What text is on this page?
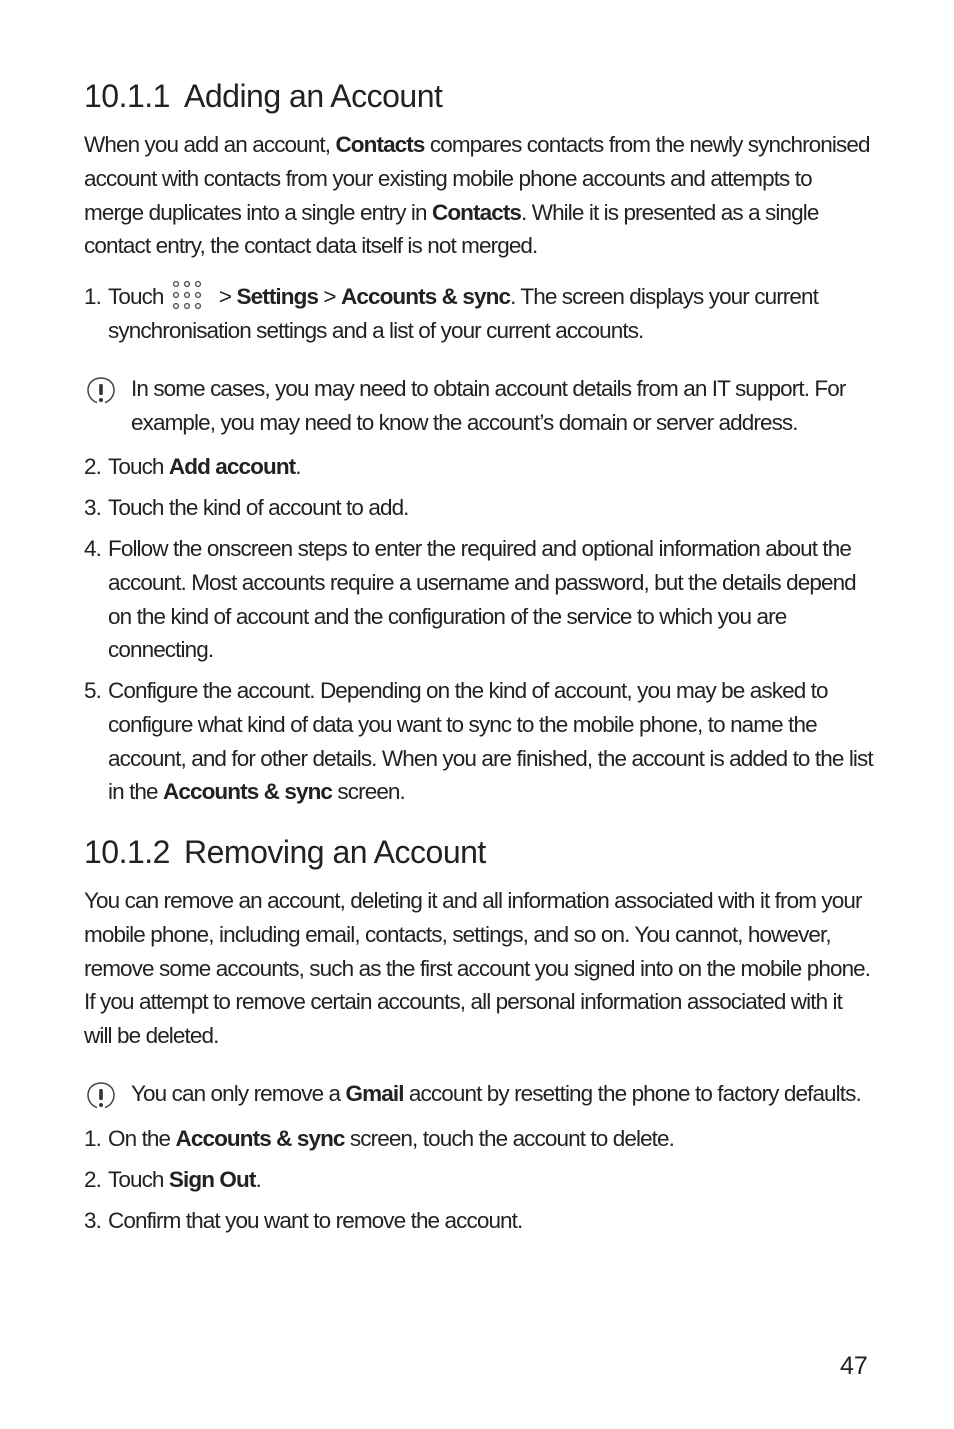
10.1.1 Adding an Account

When you add an account, Contacts compares contacts from the newly synchronised account with contacts from your existing mobile phone accounts and attempts to merge duplicates into a single entry in Contacts. While it is presented as a single contact entry, the contact data itself is not merged.

1. Touch > Settings > Accounts & sync. The screen displays your current synchronisation settings and a list of your current accounts.
In some cases, you may need to obtain account details from an IT support. For example, you may need to know the account’s domain or server address.
2. Touch Add account.
3. Touch the kind of account to add.
4. Follow the onscreen steps to enter the required and optional information about the account. Most accounts require a username and password, but the details depend on the kind of account and the configuration of the service to which you are connecting.
5. Configure the account. Depending on the kind of account, you may be asked to configure what kind of data you want to sync to the mobile phone, to name the account, and for other details. When you are finished, the account is added to the list in the Accounts & sync screen.
10.1.2 Removing an Account

You can remove an account, deleting it and all information associated with it from your mobile phone, including email, contacts, settings, and so on. You cannot, however, remove some accounts, such as the first account you signed into on the mobile phone. If you attempt to remove certain accounts, all personal information associated with it will be deleted.

You can only remove a Gmail account by resetting the phone to factory defaults.
1. On the Accounts & sync screen, touch the account to delete.
2. Touch Sign Out.
3. Confirm that you want to remove the account.
47
